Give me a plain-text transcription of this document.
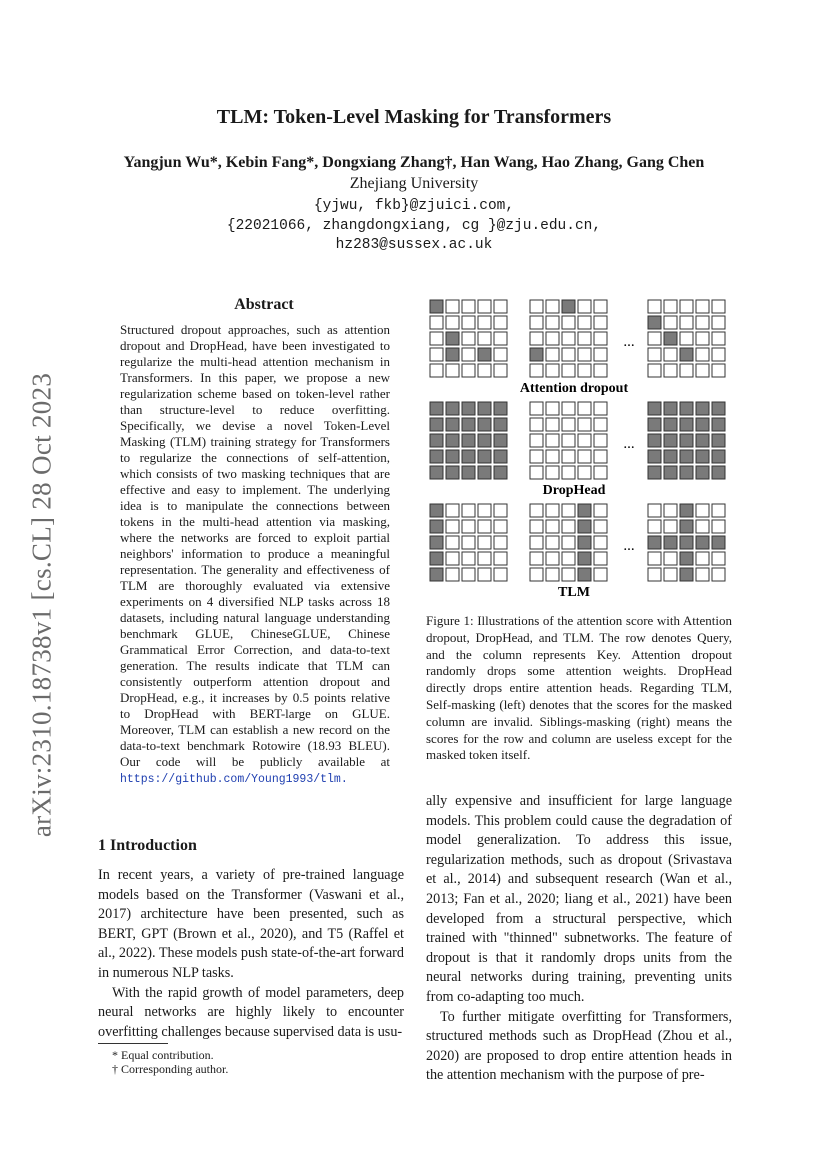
TLM: Token-Level Masking for Transformers
Yangjun Wu*, Kebin Fang*, Dongxiang Zhang†, Han Wang, Hao Zhang, Gang Chen
Zhejiang University
{yjwu, fkb}@zjuici.com,
{22021066, zhangdongxiang, cg }@zju.edu.cn,
hz283@sussex.ac.uk
arXiv:2310.18738v1 [cs.CL] 28 Oct 2023
Abstract

Structured dropout approaches, such as attention dropout and DropHead, have been investigated to regularize the multi-head attention mechanism in Transformers. In this paper, we propose a new regularization scheme based on token-level rather than structure-level to reduce overfitting. Specifically, we devise a novel Token-Level Masking (TLM) training strategy for Transformers to regularize the connections of self-attention, which consists of two masking techniques that are effective and easy to implement. The underlying idea is to manipulate the connections between tokens in the multi-head attention via masking, where the networks are forced to exploit partial neighbors' information to produce a meaningful representation. The generality and effectiveness of TLM are thoroughly evaluated via extensive experiments on 4 diversified NLP tasks across 18 datasets, including natural language understanding benchmark GLUE, ChineseGLUE, Chinese Grammatical Error Correction, and data-to-text generation. The results indicate that TLM can consistently outperform attention dropout and DropHead, e.g., it increases by 0.5 points relative to DropHead with BERT-large on GLUE. Moreover, TLM can establish a new record on the data-to-text benchmark Rotowire (18.93 BLEU). Our code will be publicly available at https://github.com/Young1993/tlm.

1 Introduction

In recent years, a variety of pre-trained language models based on the Transformer (Vaswani et al., 2017) architecture have been presented, such as BERT, GPT (Brown et al., 2020), and T5 (Raffel et al., 2022). These models push state-of-the-art forward in numerous NLP tasks.

With the rapid growth of model parameters, deep neural networks are highly likely to encounter overfitting challenges because supervised data is usu-

* Equal contribution.
† Corresponding author.
...
Attention dropout
...
DropHead
...
TLM
Figure 1: Illustrations of the attention score with Attention dropout, DropHead, and TLM. The row denotes Query, and the column represents Key. Attention dropout randomly drops some attention weights. DropHead directly drops entire attention heads. Regarding TLM, Self-masking (left) denotes that the scores for the masked column are invalid. Siblings-masking (right) means the scores for the row and column are useless except for the masked token itself.

ally expensive and insufficient for large language models. This problem could cause the degradation of model generalization. To address this issue, regularization methods, such as dropout (Srivastava et al., 2014) and subsequent research (Wan et al., 2013; Fan et al., 2020; liang et al., 2021) have been developed from a structural perspective, which trained with "thinned" subnetworks. The feature of dropout is that it randomly drops units from the neural networks during training, preventing units from co-adapting too much.

To further mitigate overfitting for Transformers, structured methods such as DropHead (Zhou et al., 2020) are proposed to drop entire attention heads in the attention mechanism with the purpose of pre-
